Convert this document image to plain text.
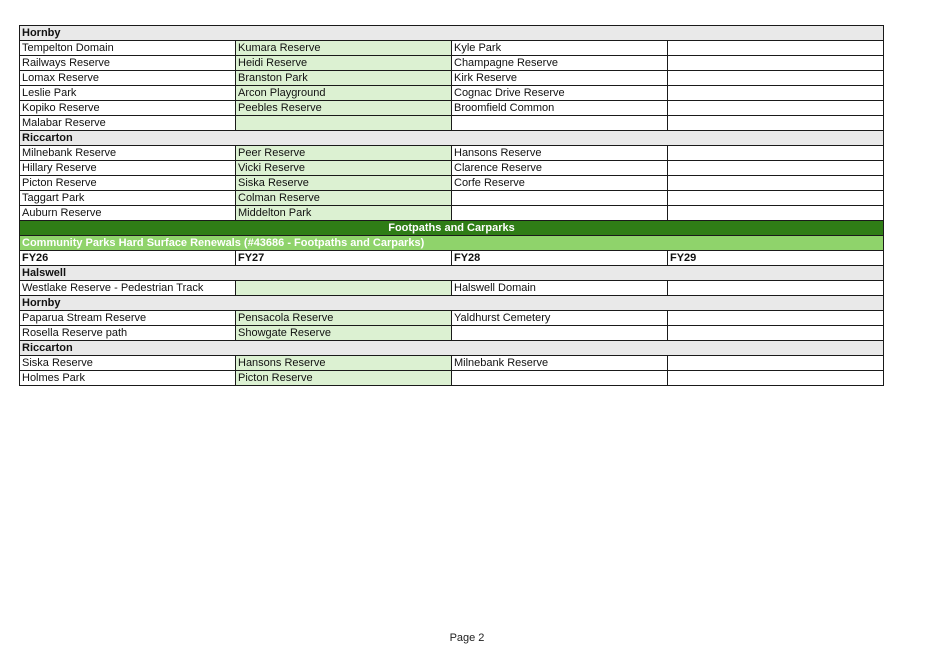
Hornby			
Tempelton Domain	Kumara Reserve	Kyle Park	
Railways Reserve	Heidi Reserve	Champagne Reserve	
Lomax Reserve	Branston Park	Kirk Reserve	
Leslie Park	Arcon Playground	Cognac Drive Reserve	
Kopiko Reserve	Peebles Reserve	Broomfield Common	
Malabar Reserve			
Riccarton			
Milnebank Reserve	Peer Reserve	Hansons Reserve	
Hillary Reserve	Vicki Reserve	Clarence Reserve	
Picton Reserve	Siska Reserve	Corfe Reserve	
Taggart Park	Colman Reserve		
Auburn Reserve	Middelton Park		
Footpaths and Carparks			
Community Parks Hard Surface Renewals (#43686 - Footpaths and Carparks)			
FY26	FY27	FY28	FY29
Halswell			
Westlake Reserve - Pedestrian Track		Halswell Domain	
Hornby			
Paparua Stream Reserve	Pensacola Reserve	Yaldhurst Cemetery	
Rosella Reserve path	Showgate Reserve		
Riccarton			
Siska Reserve	Hansons Reserve	Milnebank Reserve	
Holmes Park	Picton Reserve		
Page 2
